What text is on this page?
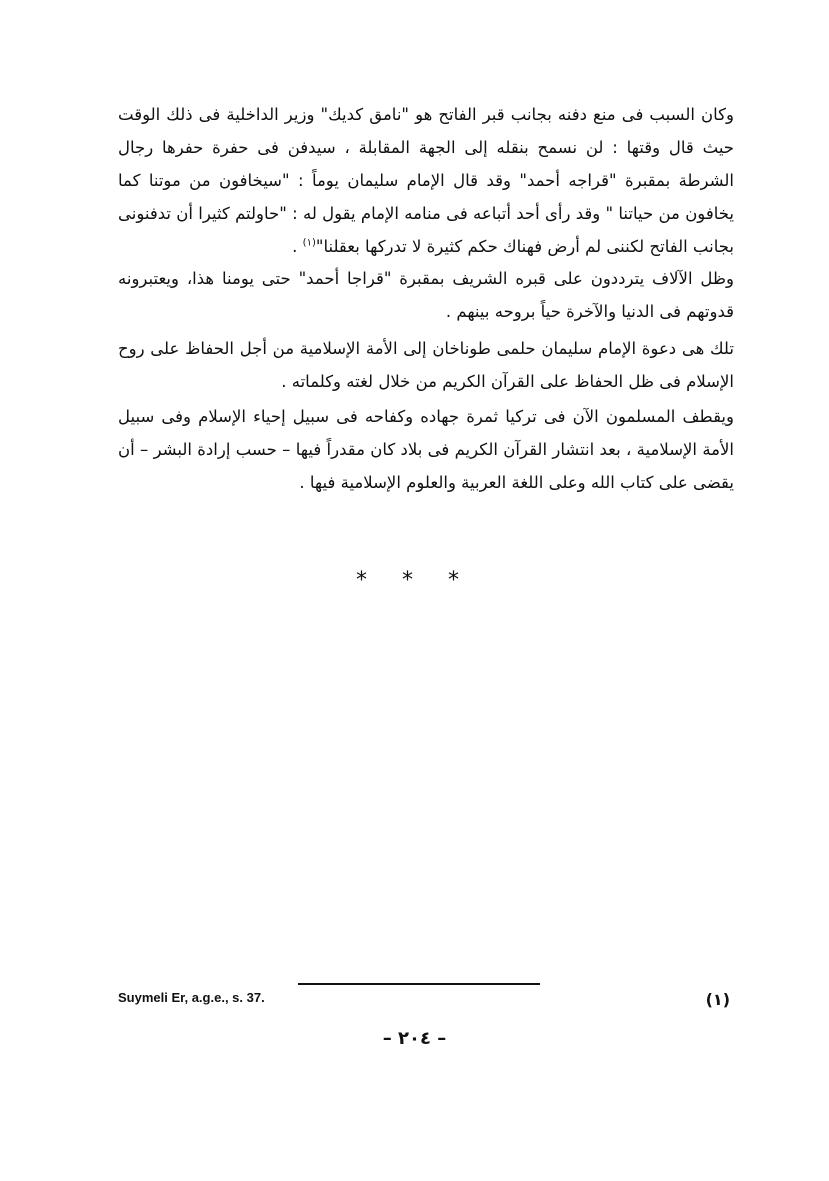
وكان السبب فى منع دفنه بجانب قبر الفاتح هو "نامق كديك" وزير الداخلية فى ذلك الوقت حيث قال وقتها : لن نسمح بنقله إلى الجهة المقابلة ، سيدفن فى حفرة حفرها رجال الشرطة بمقبرة "قراجه أحمد" وقد قال الإمام سليمان يوماً : "سيخافون من موتنا كما يخافون من حياتنا " وقد رأى أحد أتباعه فى منامه الإمام يقول له : "حاولتم كثيرا أن تدفنونى بجانب الفاتح لكننى لم أرض فهناك حكم كثيرة لا تدركها بعقلنا"$^{(١)}$ .

وظل الآلاف يترددون على قبره الشريف بمقبرة "قراجا أحمد" حتى يومنا هذا، ويعتبرونه قدوتهم فى الدنيا والآخرة حياً بروحه بينهم .

تلك هى دعوة الإمام سليمان حلمى طوناخان إلى الأمة الإسلامية من أجل الحفاظ على روح الإسلام فى ظل الحفاظ على القرآن الكريم من خلال لغته وكلماته .

ويقطف المسلمون الآن فى تركيا ثمرة جهاده وكفاحه فى سبيل إحياء الإسلام وفى سبيل الأمة الإسلامية ، بعد انتشار القرآن الكريم فى بلاد كان مقدراً فيها – حسب إرادة البشر – أن يقضى على كتاب الله وعلى اللغة العربية والعلوم الإسلامية فيها .

* * *
Suymeli Er, a.g.e., s. 37.	(١)
– ٢٠٤ –
